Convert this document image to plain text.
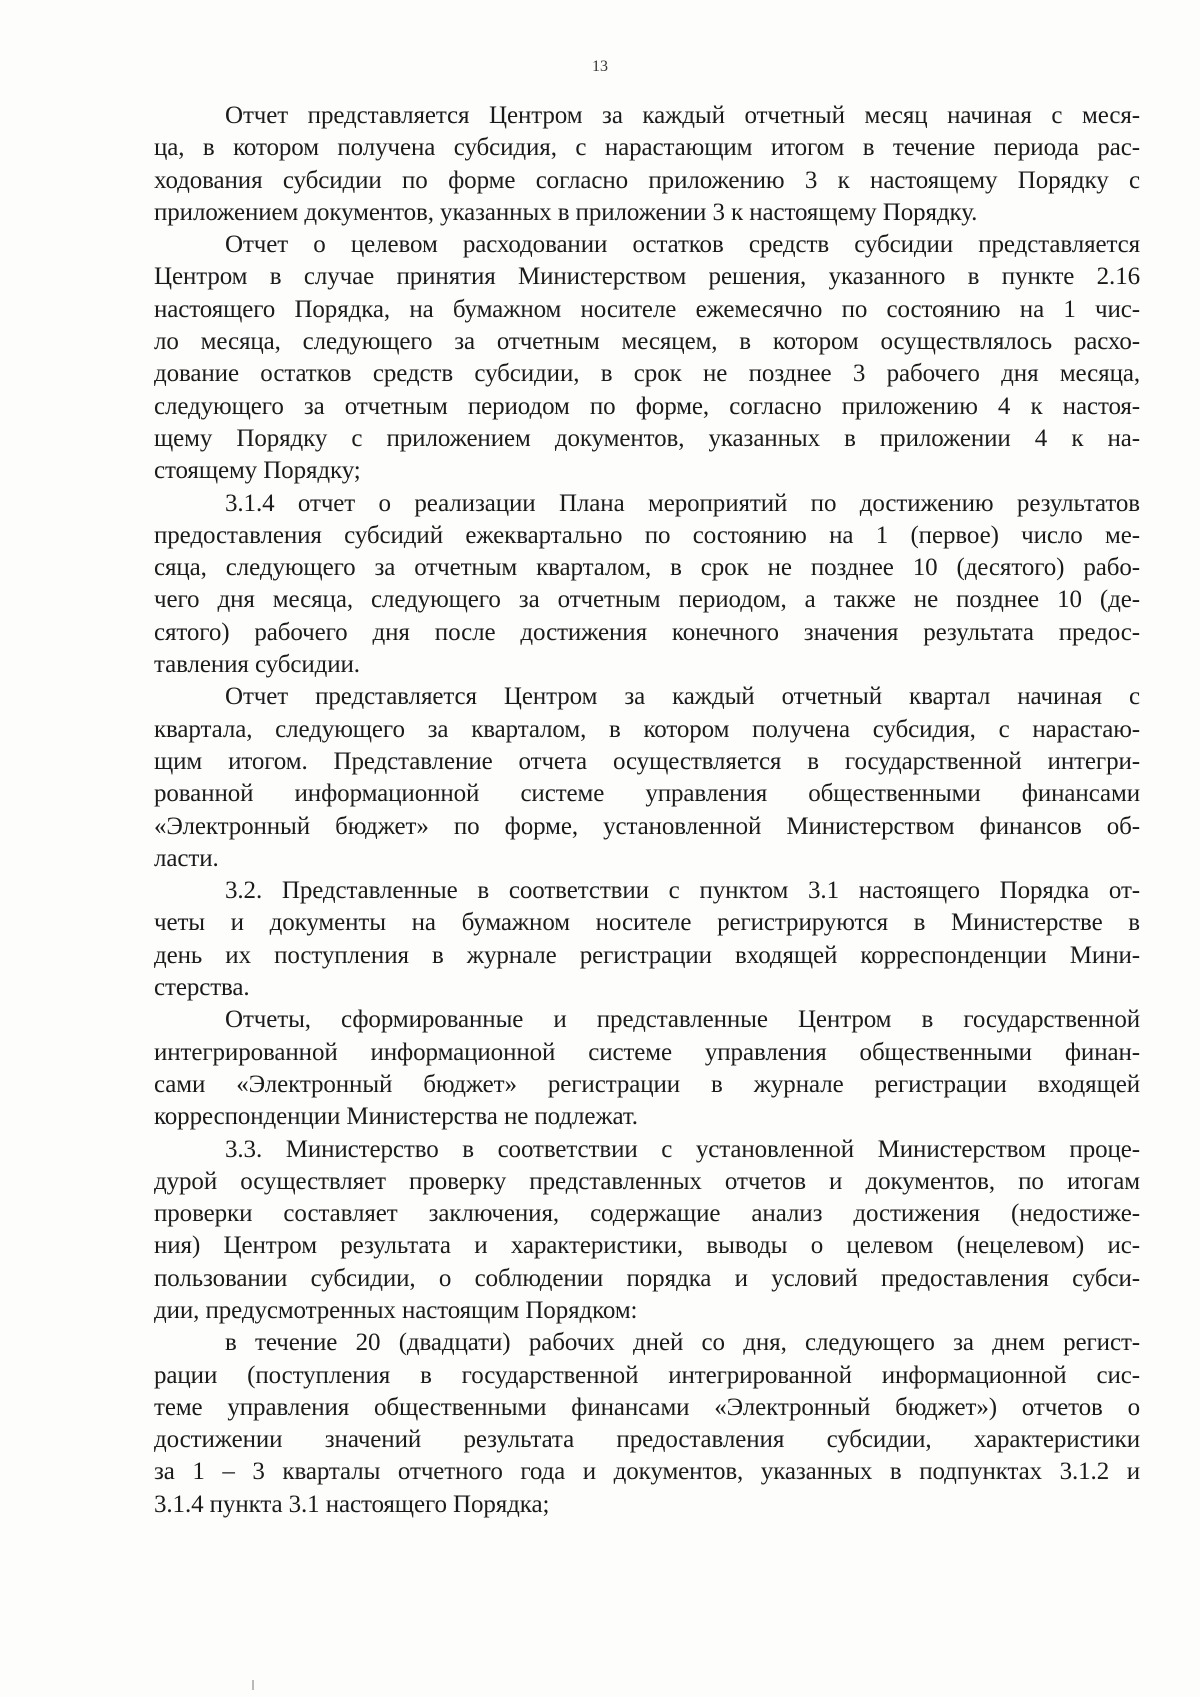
13

Отчет представляется Центром за каждый отчетный месяц начиная с меся-
ца, в котором получена субсидия, с нарастающим итогом в течение периода рас-
ходования субсидии по форме согласно приложению 3 к настоящему Порядку с
приложением документов, указанных в приложении 3 к настоящему Порядку.

Отчет о целевом расходовании остатков средств субсидии представляется
Центром в случае принятия Министерством решения, указанного в пункте 2.16
настоящего Порядка, на бумажном носителе ежемесячно по состоянию на 1 чис-
ло месяца, следующего за отчетным месяцем, в котором осуществлялось расхо-
дование остатков средств субсидии, в срок не позднее 3 рабочего дня месяца,
следующего за отчетным периодом по форме, согласно приложению 4 к настоя-
щему Порядку с приложением документов, указанных в приложении 4 к на-
стоящему Порядку;

3.1.4 отчет о реализации Плана мероприятий по достижению результатов
предоставления субсидий ежеквартально по состоянию на 1 (первое) число ме-
сяца, следующего за отчетным кварталом, в срок не позднее 10 (десятого) рабо-
чего дня месяца, следующего за отчетным периодом, а также не позднее 10 (де-
сятого) рабочего дня после достижения конечного значения результата предос-
тавления субсидии.

Отчет представляется Центром за каждый отчетный квартал начиная с
квартала, следующего за кварталом, в котором получена субсидия, с нарастаю-
щим итогом. Представление отчета осуществляется в государственной интегри-
рованной информационной системе управления общественными финансами
«Электронный бюджет» по форме, установленной Министерством финансов об-
ласти.

3.2. Представленные в соответствии с пунктом 3.1 настоящего Порядка от-
четы и документы на бумажном носителе регистрируются в Министерстве в
день их поступления в журнале регистрации входящей корреспонденции Мини-
стерства.

Отчеты, сформированные и представленные Центром в государственной
интегрированной информационной системе управления общественными финан-
сами «Электронный бюджет» регистрации в журнале регистрации входящей
корреспонденции Министерства не подлежат.

3.3. Министерство в соответствии с установленной Министерством проце-
дурой осуществляет проверку представленных отчетов и документов, по итогам
проверки составляет заключения, содержащие анализ достижения (недостиже-
ния) Центром результата и характеристики, выводы о целевом (нецелевом) ис-
пользовании субсидии, о соблюдении порядка и условий предоставления субси-
дии, предусмотренных настоящим Порядком:

в течение 20 (двадцати) рабочих дней со дня, следующего за днем регист-
рации (поступления в государственной интегрированной информационной сис-
теме управления общественными финансами «Электронный бюджет») отчетов о
достижении значений результата предоставления субсидии, характеристики
за 1 – 3 кварталы отчетного года и документов, указанных в подпунктах 3.1.2 и
3.1.4 пункта 3.1 настоящего Порядка;
